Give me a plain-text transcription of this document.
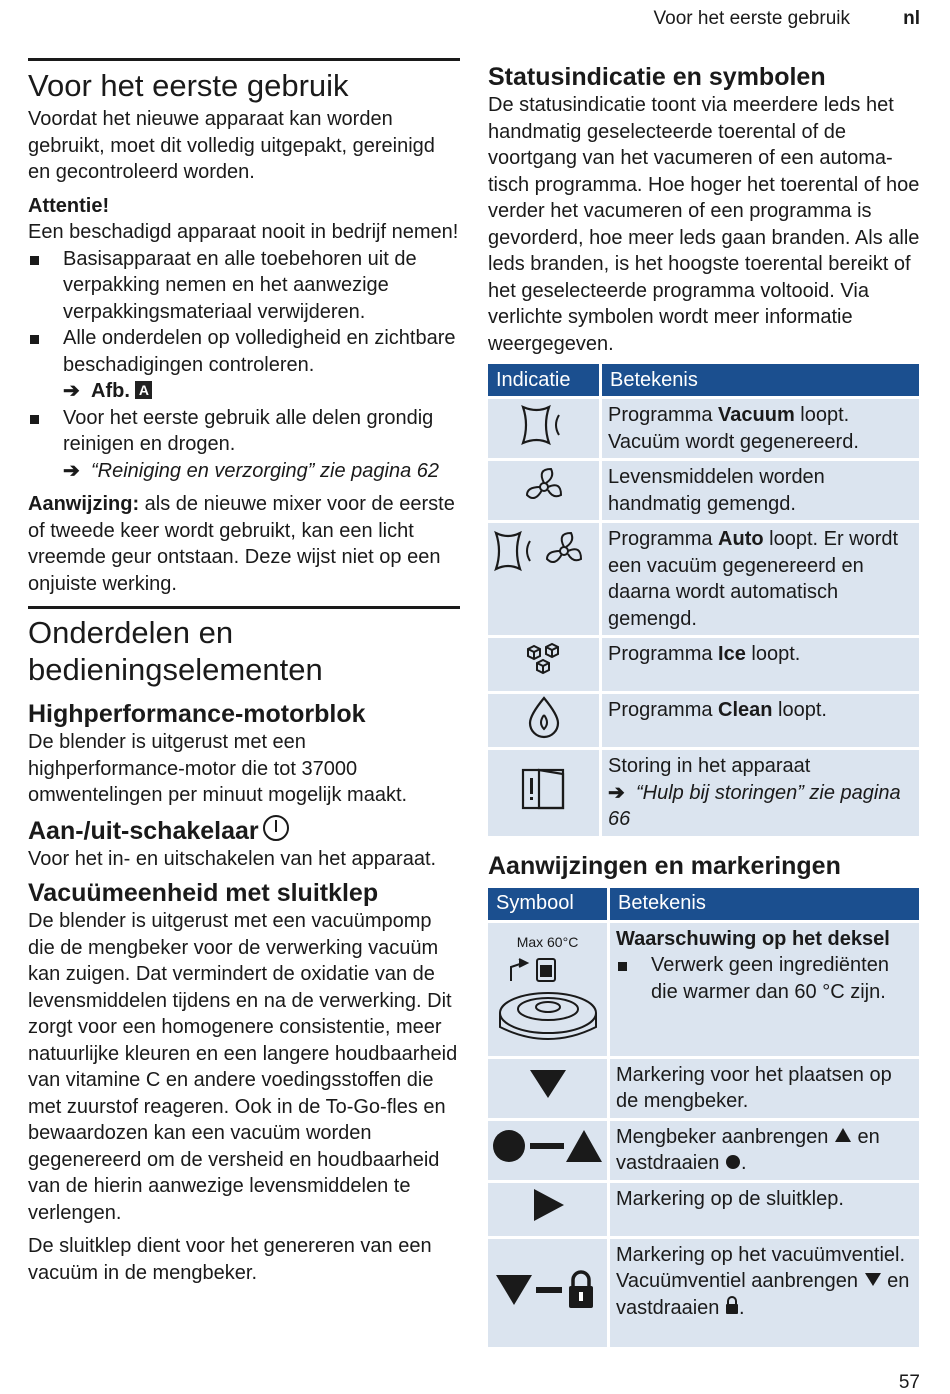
Voor het eerste gebruik	nl
Voor het eerste gebruik

Voordat het nieuwe apparaat kan worden gebruikt, moet dit volledig uitgepakt, gereinigd en gecontroleerd worden.

Attentie!

Een beschadigd apparaat nooit in bedrijf nemen!

Basisapparaat en alle toebehoren uit de verpakking nemen en het aanwezige verpakkingsmateriaal verwijderen.
Alle onderdelen op volledigheid en zichtbare beschadigingen controleren.
➔ Afb. A
Voor het eerste gebruik alle delen grondig reinigen en drogen.
➔ “Reiniging en verzorging” zie pagina 62

Aanwijzing: als de nieuwe mixer voor de eerste of tweede keer wordt gebruikt, kan een licht vreemde geur ontstaan. Deze wijst niet op een onjuiste werking.

Onderdelen en bedieningselementen
Highperformance-motorblok

De blender is uitgerust met een highperformance-motor die tot 37000 omwentelingen per minuut mogelijk maakt.

Aan-/uit-schakelaar

Voor het in- en uitschakelen van het apparaat.

Vacuümeenheid met sluitklep

De blender is uitgerust met een vacuümpomp die de mengbeker voor de verwerking vacuüm kan zuigen. Dat vermindert de oxidatie van de levensmiddelen tijdens en na de verwerking. Dit zorgt voor een homogenere consistentie, meer natuurlijke kleuren en een langere houdbaarheid van vitamine C en andere voedingsstoffen die met zuurstof reageren. Ook in de To-Go-fles en bewaardozen kan een vacuüm worden gegenereerd om de versheid en houdbaarheid van de hierin aanwezige levensmiddelen te verlengen.

De sluitklep dient voor het genereren van een vacuüm in de mengbeker.

Statusindicatie en symbolen

De statusindicatie toont via meerdere leds het handmatig geselecteerde toerental of de voortgang van het vacumeren of een automa-tisch programma. Hoe hoger het toerental of hoe verder het vacumeren of een programma is gevorderd, hoe meer leds gaan branden. Als alle leds branden, is het hoogste toerental bereikt of het geselecteerde programma voltooid. Via verlichte symbolen wordt meer informatie weergegeven.

Indicatie	Betekenis
	Programma Vacuum loopt. Vacuüm wordt gegenereerd.
	Levensmiddelen worden handmatig gemengd.
	Programma Auto loopt. Er wordt een vacuüm gegenereerd en daarna wordt automatisch gemengd.
	Programma Ice loopt.
	Programma Clean loopt.
	Storing in het apparaat
➔ “Hulp bij storingen” zie pagina 66
Aanwijzingen en markeringen
Symbool	Betekenis

Max 60°C	Waarschuwing op het deksel
Verwerk geen ingrediënten die warmer dan 60 °C zijn.

	Markering voor het plaatsen op de mengbeker.
	Mengbeker aanbrengen  en vastdraaien .
	Markering op de sluitklep.
	Markering op het vacuümventiel. Vacuümventiel aanbrengen  en vastdraaien .
57
